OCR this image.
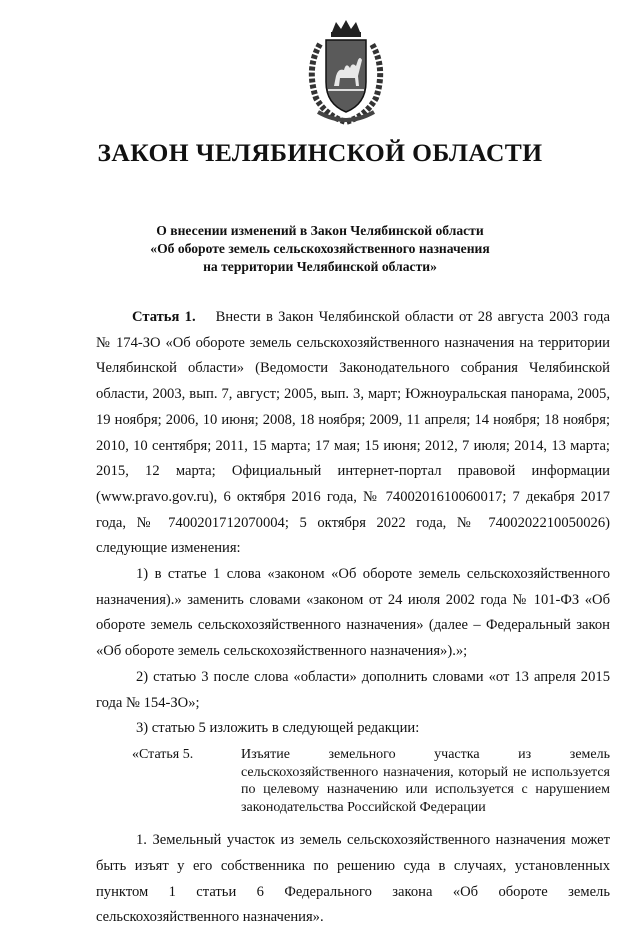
ЗАКОН ЧЕЛЯБИНСКОЙ ОБЛАСТИ
О внесении изменений в Закон Челябинской области
«Об обороте земель сельскохозяйственного назначения
на территории Челябинской области»

Статья 1. Внести в Закон Челябинской области от 28 августа 2003 года № 174-ЗО «Об обороте земель сельскохозяйственного назначения на территории Челябинской области» (Ведомости Законодательного собрания Челябинской области, 2003, вып. 7, август; 2005, вып. 3, март; Южноуральская панорама, 2005, 19 ноября; 2006, 10 июня; 2008, 18 ноября; 2009, 11 апреля; 14 ноября; 18 ноября; 2010, 10 сентября; 2011, 15 марта; 17 мая; 15 июня; 2012, 7 июля; 2014, 13 марта; 2015, 12 марта; Официальный интернет-портал правовой информации (www.pravo.gov.ru), 6 октября 2016 года, № 7400201610060017; 7 декабря 2017 года, № 7400201712070004; 5 октября 2022 года, № 7400202210050026) следующие изменения:

1) в статье 1 слова «законом «Об обороте земель сельскохозяйственного назначения).» заменить словами «законом от 24 июля 2002 года № 101-ФЗ «Об обороте земель сельскохозяйственного назначения» (далее – Федеральный закон «Об обороте земель сельскохозяйственного назначения»).»;

2) статью 3 после слова «области» дополнить словами «от 13 апреля 2015 года № 154-ЗО»;

3) статью 5 изложить в следующей редакции:

«Статья 5.	Изъятие земельного участка из земель сельскохозяйственного назначения, который не используется по целевому назначению или используется с нарушением законодательства Российской Федерации

1. Земельный участок из земель сельскохозяйственного назначения может быть изъят у его собственника по решению суда в случаях, установленных пунктом 1 статьи 6 Федерального закона «Об обороте земель сельскохозяйственного назначения».
